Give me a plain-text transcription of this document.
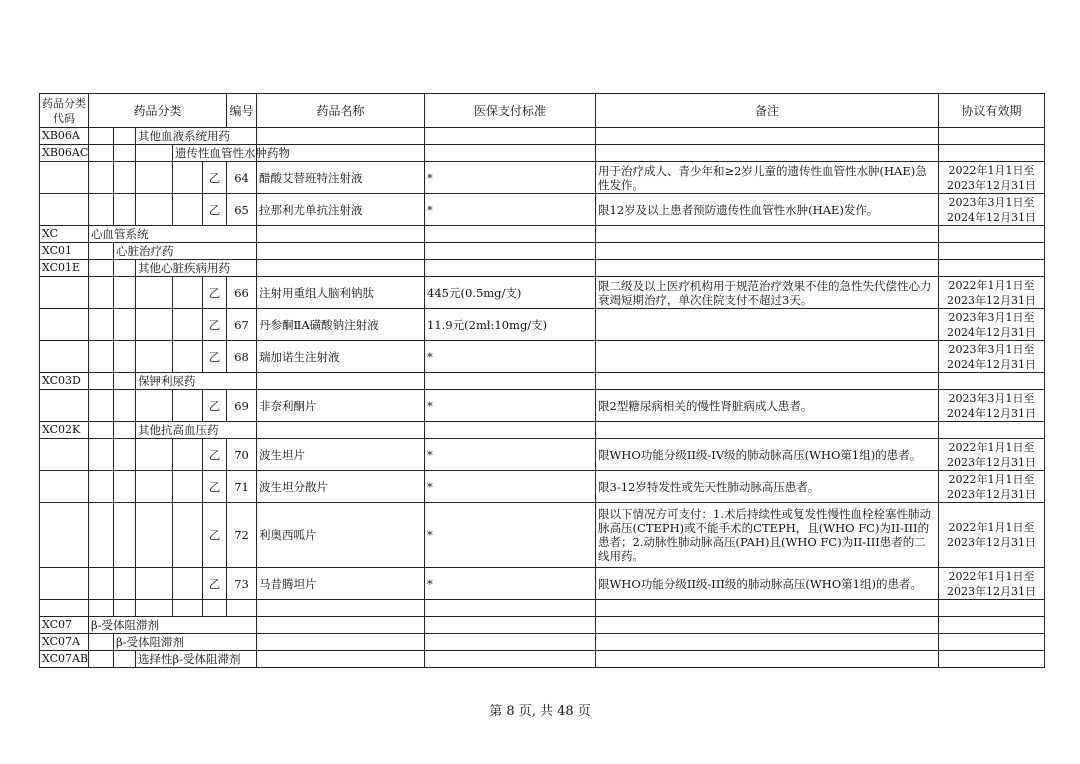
药品分类代码	药品分类					编号	药品名称	医保支付标准	备注	协议有效期
XB06A			其他血液系统用药							
XB06AC				遗传性血管性水肿药物						
					乙	64	醋酸艾替班特注射液	*	用于治疗成人、青少年和≥2岁儿童的遗传性血管性水肿(HAE)急性发作。	2022年1月1日至
2023年12月31日

					乙	65	拉那利尤单抗注射液	*	限12岁及以上患者预防遗传性血管性水肿(HAE)发作。	2023年3月1日至
2024年12月31日

XC	心血管系统									
XC01		心脏治疗药								
XC01E			其他心脏疾病用药							
					乙	66	注射用重组人脑利钠肽	445元(0.5mg/支)	限二级及以上医疗机构用于规范治疗效果不佳的急性失代偿性心力衰竭短期治疗，单次住院支付不超过3天。	2022年1月1日至
2023年12月31日

					乙	67	丹参酮ⅡA磺酸钠注射液	11.9元(2ml:10mg/支)		2023年3月1日至
2024年12月31日

					乙	68	瑞加诺生注射液	*		2023年3月1日至
2024年12月31日

XC03D			保钾利尿药							
					乙	69	非奈利酮片	*	限2型糖尿病相关的慢性肾脏病成人患者。	2023年3月1日至
2024年12月31日

XC02K			其他抗高血压药							
					乙	70	波生坦片	*	限WHO功能分级II级-IV级的肺动脉高压(WHO第1组)的患者。	2022年1月1日至
2023年12月31日

					乙	71	波生坦分散片	*	限3-12岁特发性或先天性肺动脉高压患者。	2022年1月1日至
2023年12月31日

					乙	72	利奥西呱片	*	限以下情况方可支付：1.术后持续性或复发性慢性血栓栓塞性肺动脉高压(CTEPH)或不能手术的CTEPH，且(WHO FC)为II-III的患者；2.动脉性肺动脉高压(PAH)且(WHO FC)为II-III患者的二线用药。	2022年1月1日至
2023年12月31日

					乙	73	马昔腾坦片	*	限WHO功能分级II级-III级的肺动脉高压(WHO第1组)的患者。	2022年1月1日至
2023年12月31日

XC07	β-受体阻滞剂									
XC07A		β-受体阻滞剂								
XC07AB			选择性β-受体阻滞剂							
第 8 页, 共 48 页
